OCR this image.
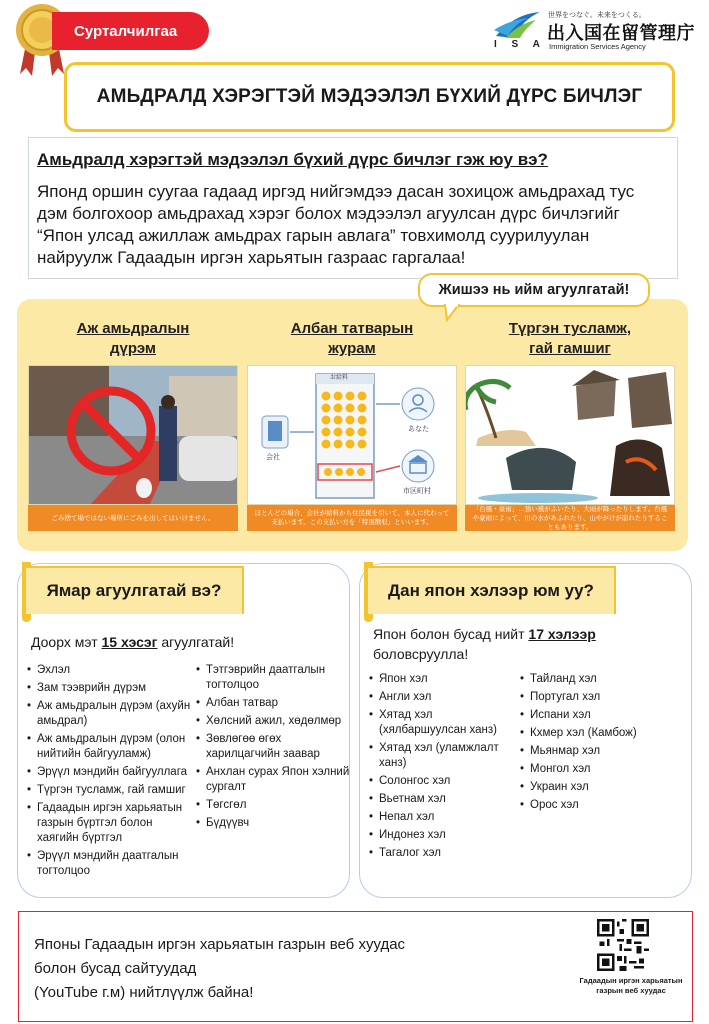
Сурталчилгаа
I S A
世界をつなぐ。未来をつくる。
出入国在留管理庁
Immigration Services Agency
АМЬДРАЛД ХЭРЭГТЭЙ МЭДЭЭЛЭЛ БҮХИЙ ДҮРС БИЧЛЭГ
Амьдралд хэрэгтэй мэдээлэл бүхий дүрс бичлэг гэж юу вэ?
Японд оршин суугаа гадаад иргэд нийгэмдээ дасан зохицож амьдрахад тус дэм болгохоор амьдрахад хэрэг болох мэдээлэл агуулсан дүрс бичлэгийг “Япон улсад ажиллаж амьдрах гарын авлага” товхимолд суурилуулан найруулж Гадаадын иргэн харьятын газраас гаргалаа!
Жишээ нь ийм агуулгатай!
Аж амьдралын
дүрэм
ごみ捨て場ではない場所にごみを出してはいけません。
Албан татварын
журам
お給料
会社
あなた
市区町村
ほとんどの場合、会社が給料から住民税を引いて、本人に代わって支払います。この支払い方を「特別徴収」といいます。
Түргэн тусламж,
гай гамшиг
「台風・豪雨」…強い風がふいたり、大雨が降ったりします。台風や豪雨によって、川の水があふれたり、山やがけが崩れたりすることもあります。
Ямар агуулгатай вэ?
Доорх мэт 15 хэсэг агуулгатай!
• Эхлэл
• Зам тээврийн дүрэм
• Аж амьдралын дүрэм (ахуйн амьдрал)
• Аж амьдралын дүрэм (олон нийтийн байгууламж)
• Эрүүл мэндийн байгууллага
• Түргэн тусламж, гай гамшиг
• Гадаадын иргэн харьяатын газрын бүртгэл болон хаягийн бүртгэл
• Эрүүл мэндийн даатгалын тогтолцоо
• Тэтгэврийн даатгалын тогтолцоо
• Албан татвар
• Хөлсний ажил, хөдөлмөр
• Зөвлөгөө өгөх харилцагчийн заавар
• Анхлан сурах Япон хэлний сургалт
• Төгсгөл
• Бүдүүвч
Дан япон хэлээр юм уу?
Япон болон бусад нийт 17 хэлээр боловсруулла!
• Япон хэл
• Англи хэл
• Хятад хэл (хялбаршуулсан ханз)
• Хятад хэл (уламжлалт ханз)
• Солонгос хэл
• Вьетнам хэл
• Непал хэл
• Индонез хэл
• Тагалог хэл
• Тайланд хэл
• Португал хэл
• Испани хэл
• Кхмер хэл (Камбож)
• Мьянмар хэл
• Монгол хэл
• Украин хэл
• Орос хэл
Японы Гадаадын иргэн харьяатын газрын веб хуудас
болон бусад сайтуудад
(YouTube г.м) нийтлүүлж байна!
Гадаадын иргэн харьяатын
газрын веб хуудас
